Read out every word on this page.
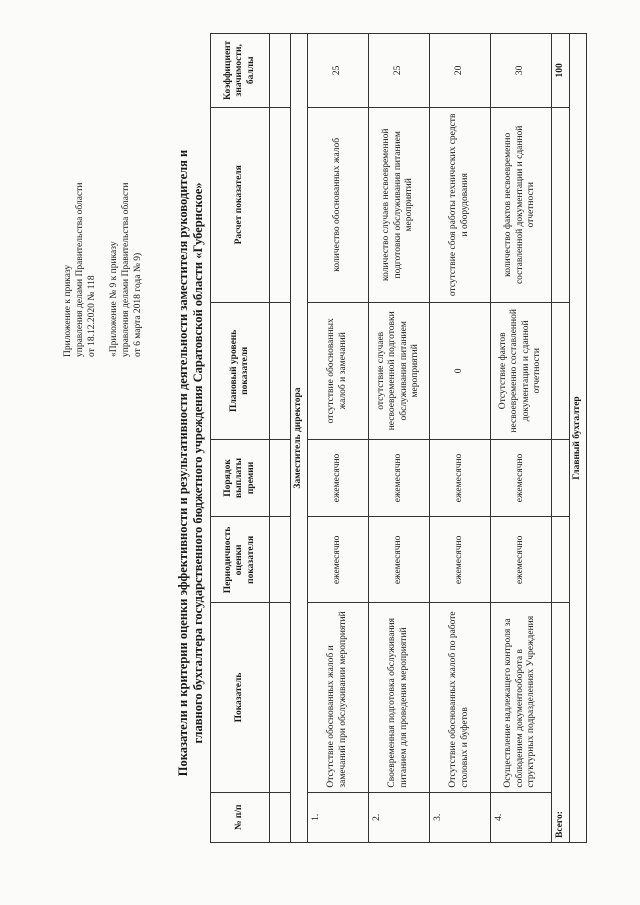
Приложение к приказу управления делами Правительства области от 18.12.2020 № 118 «Приложение № 9 к приказу управления делами Правительства области от 6 марта 2018 года № 9)	Показатели и критерии оценки эффективности и результативности деятельности заместителя руководителя и главного бухгалтера государственного бюджетного учреждения Саратовской области «Губернское»
№ п/п	Показатель	Периодичность оценки показателя	Порядок выплаты премии	Плановый уровень показателя	Расчет показателя	Коэффициент значимости, баллы

Заместитель директора						
1.	Отсутствие обоснованных жалоб и замечаний при обслуживании мероприятий	ежемесячно	ежемесячно	отсутствие обоснованных жалоб и замечаний	количество обоснованных жалоб	25
2.	Своевременная подготовка обслуживания питанием для проведения мероприятий	ежемесячно	ежемесячно	отсутствие случаев несвоевременной подготовки обслуживания питанием мероприятий	количество случаев несвоевременной подготовки обслуживания питанием мероприятий	25
3.	Отсутствие обоснованных жалоб по работе столовых и буфетов	ежемесячно	ежемесячно	0	отсутствие сбоя работы технических средств и оборудования	20
4.	Осуществление надлежащего контроля за соблюдением документооборота в структурных подразделениях Учреждения	ежемесячно	ежемесячно	Отсутствие фактов несвоевременно составленной документации и сданной отчетности	количество фактов несвоевременно составленной документации и сданной отчетности	30
Всего:						100
Главный бухгалтер						
